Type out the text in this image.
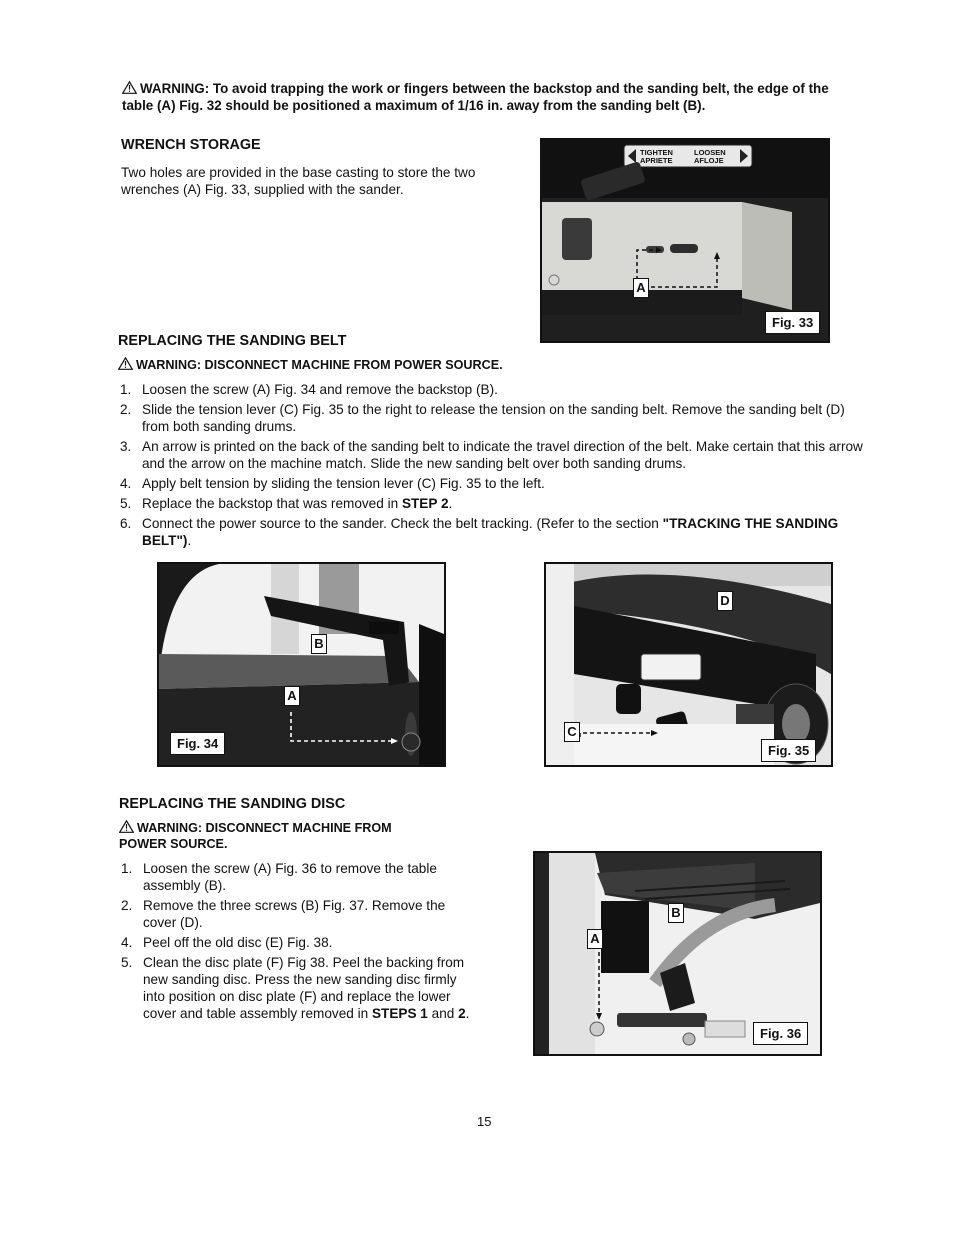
WARNING: To avoid trapping the work or fingers between the backstop and the sanding belt, the edge of the table (A) Fig. 32 should be positioned a maximum of 1/16 in. away from the sanding belt (B).
WRENCH STORAGE
Two holes are provided in the base casting to store the two wrenches (A) Fig. 33, supplied with the sander.
TIGHTEN
APRIETE
LOOSEN
AFLOJE
A
Fig. 33
REPLACING THE SANDING BELT
WARNING: DISCONNECT MACHINE FROM POWER SOURCE.
1. Loosen the screw (A) Fig. 34 and remove the backstop (B).
2. Slide the tension lever (C) Fig. 35 to the right to release the tension on the sanding belt. Remove the sanding belt (D) from both sanding drums.
3. An arrow is printed on the back of the sanding belt to indicate the travel direction of the belt. Make certain that this arrow and the arrow on the machine match. Slide the new sanding belt over both sanding drums.
4. Apply belt tension by sliding the tension lever (C) Fig. 35 to the left.
5. Replace the backstop that was removed in STEP 2.
6. Connect the power source to the sander. Check the belt tracking. (Refer to the section "TRACKING THE SANDING BELT").
B
A
Fig. 34
D
C
Fig. 35
REPLACING THE SANDING DISC
WARNING: DISCONNECT MACHINE FROM
POWER SOURCE.
1. Loosen the screw (A) Fig. 36 to remove the table assembly (B).
2. Remove the three screws (B) Fig. 37. Remove the cover (D).
4. Peel off the old disc (E) Fig. 38.
5. Clean the disc plate (F) Fig 38. Peel the backing from new sanding disc. Press the new sanding disc firmly into position on disc plate (F) and replace the lower cover and table assembly removed in STEPS 1 and 2.
B
A
Fig. 36
15
